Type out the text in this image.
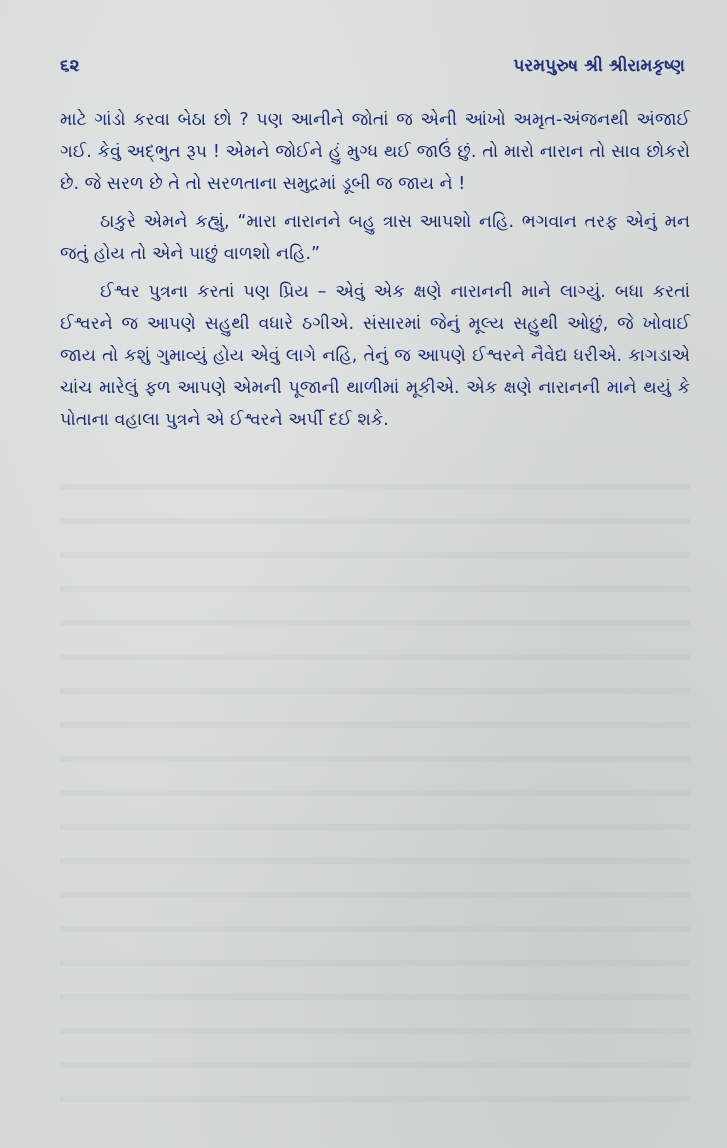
૬૨	પરમપુરુષ શ્રી શ્રીરામકૃષ્ણ

માટે ગાંડો કરવા બેઠા છો ? પણ આનીને જોતાં જ એની આંખો અમૃત-અંજનથી અંજાઈ ગઈ. કેવું અદ્ભુત રૂપ ! એમને જોઈને હું મુગ્ધ થઈ જાઉં છું. તો મારો નારાન તો સાવ છોકરો છે. જે સરળ છે તે તો સરળતાના સમુદ્રમાં ડૂબી જ જાય ને !

ઠાકુરે એમને કહ્યું, “મારા નારાનને બહુ ત્રાસ આપશો નહિ. ભગવાન તરફ એનું મન જતું હોય તો એને પાછું વાળશો નહિ.”

ઈશ્વર પુત્રના કરતાં પણ પ્રિય – એવું એક ક્ષણે નારાનની માને લાગ્યું. બધા કરતાં ઈશ્વરને જ આપણે સહુથી વધારે ઠગીએ. સંસારમાં જેનું મૂલ્ય સહુથી ઓછું, જે ખોવાઈ જાય તો કશું ગુમાવ્યું હોય એવું લાગે નહિ, તેનું જ આપણે ઈશ્વરને નૈવેદ્ય ધરીએ. કાગડાએ ચાંચ મારેલું ફળ આપણે એમની પૂજાની થાળીમાં મૂકીએ. એક ક્ષણે નારાનની માને થયું કે પોતાના વહાલા પુત્રને એ ઈશ્વરને અર્પી દઈ શકે.
